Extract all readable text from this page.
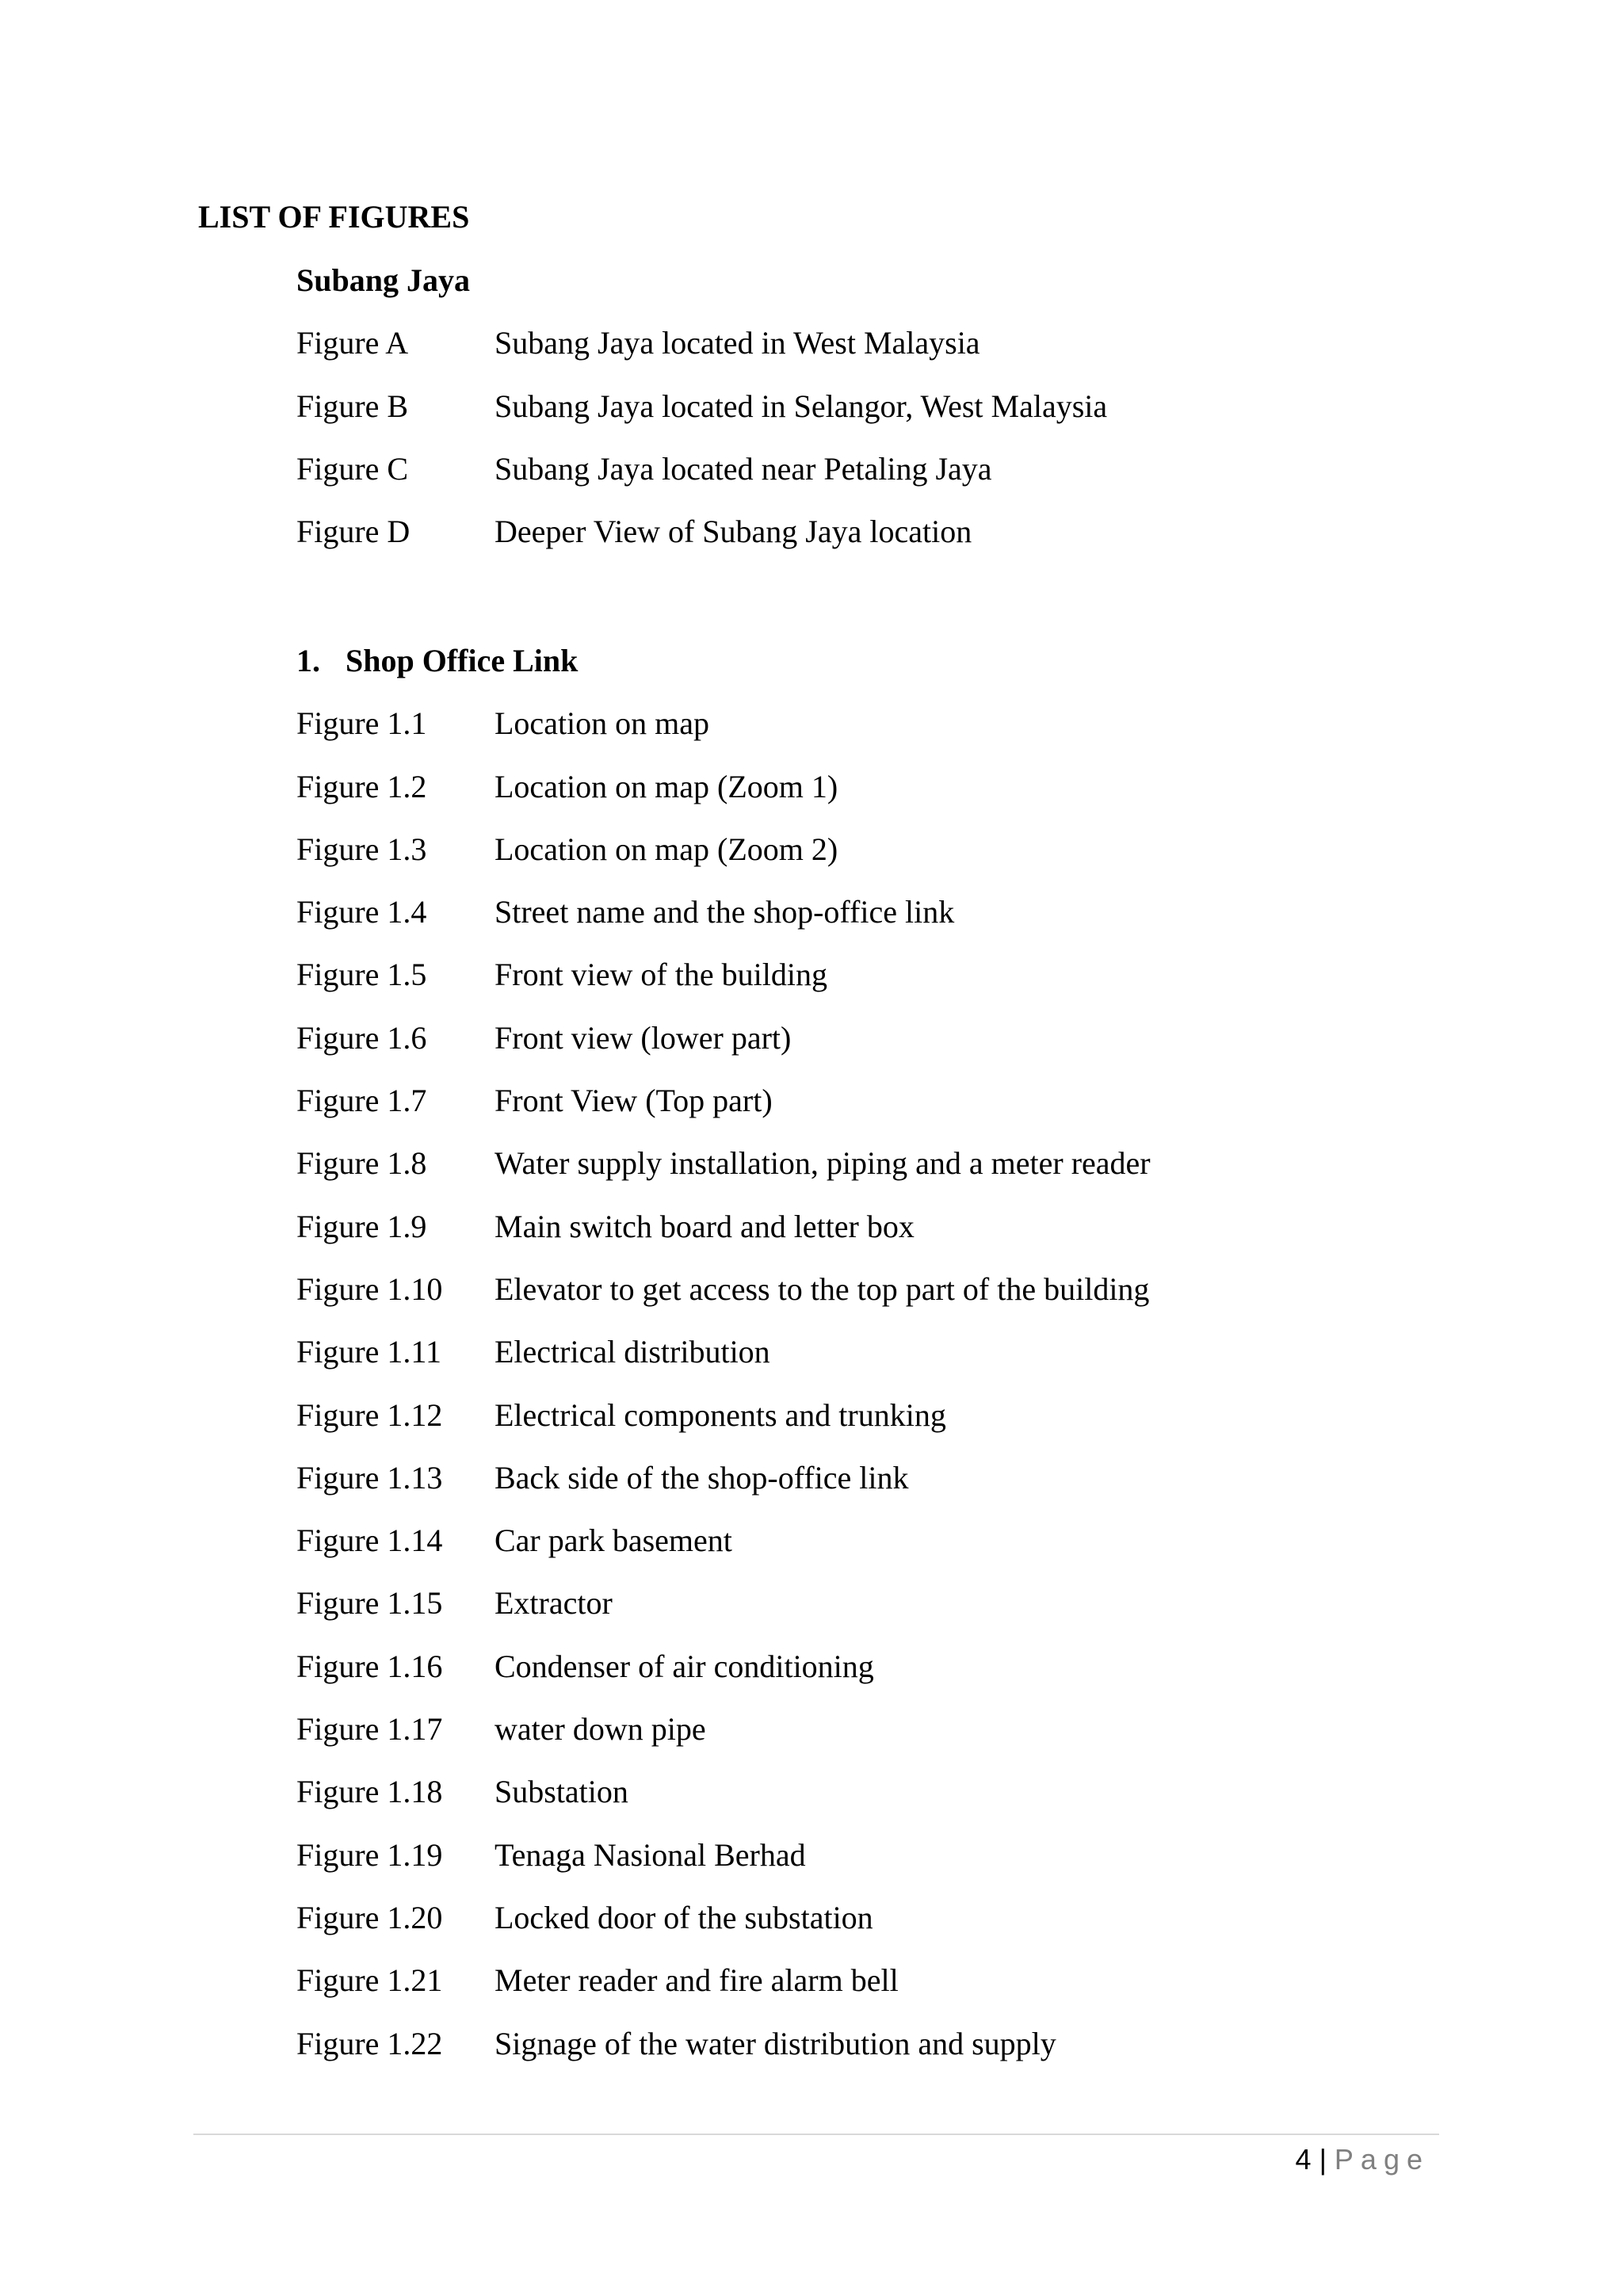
LIST OF FIGURES
Subang Jaya
Figure A	Subang Jaya located in West Malaysia
Figure B	Subang Jaya located in Selangor, West Malaysia
Figure C	Subang Jaya located near Petaling Jaya
Figure D	Deeper View of Subang Jaya location
1. Shop Office Link
Figure 1.1 Location on map
Figure 1.2 Location on map (Zoom 1)
Figure 1.3 Location on map (Zoom 2)
Figure 1.4 Street name and the shop-office link
Figure 1.5 Front view of the building
Figure 1.6 Front view (lower part)
Figure 1.7 Front View (Top part)
Figure 1.8 Water supply installation, piping and a meter reader
Figure 1.9 Main switch board and letter box
Figure 1.10 Elevator to get access to the top part of the building
Figure 1.11 Electrical distribution
Figure 1.12 Electrical components and trunking
Figure 1.13 Back side of the shop-office link
Figure 1.14 Car park basement
Figure 1.15 Extractor
Figure 1.16 Condenser of air conditioning
Figure 1.17 water down pipe
Figure 1.18 Substation
Figure 1.19 Tenaga Nasional Berhad
Figure 1.20 Locked door of the substation
Figure 1.21 Meter reader and fire alarm bell
Figure 1.22 Signage of the water distribution and supply
4 | Page
